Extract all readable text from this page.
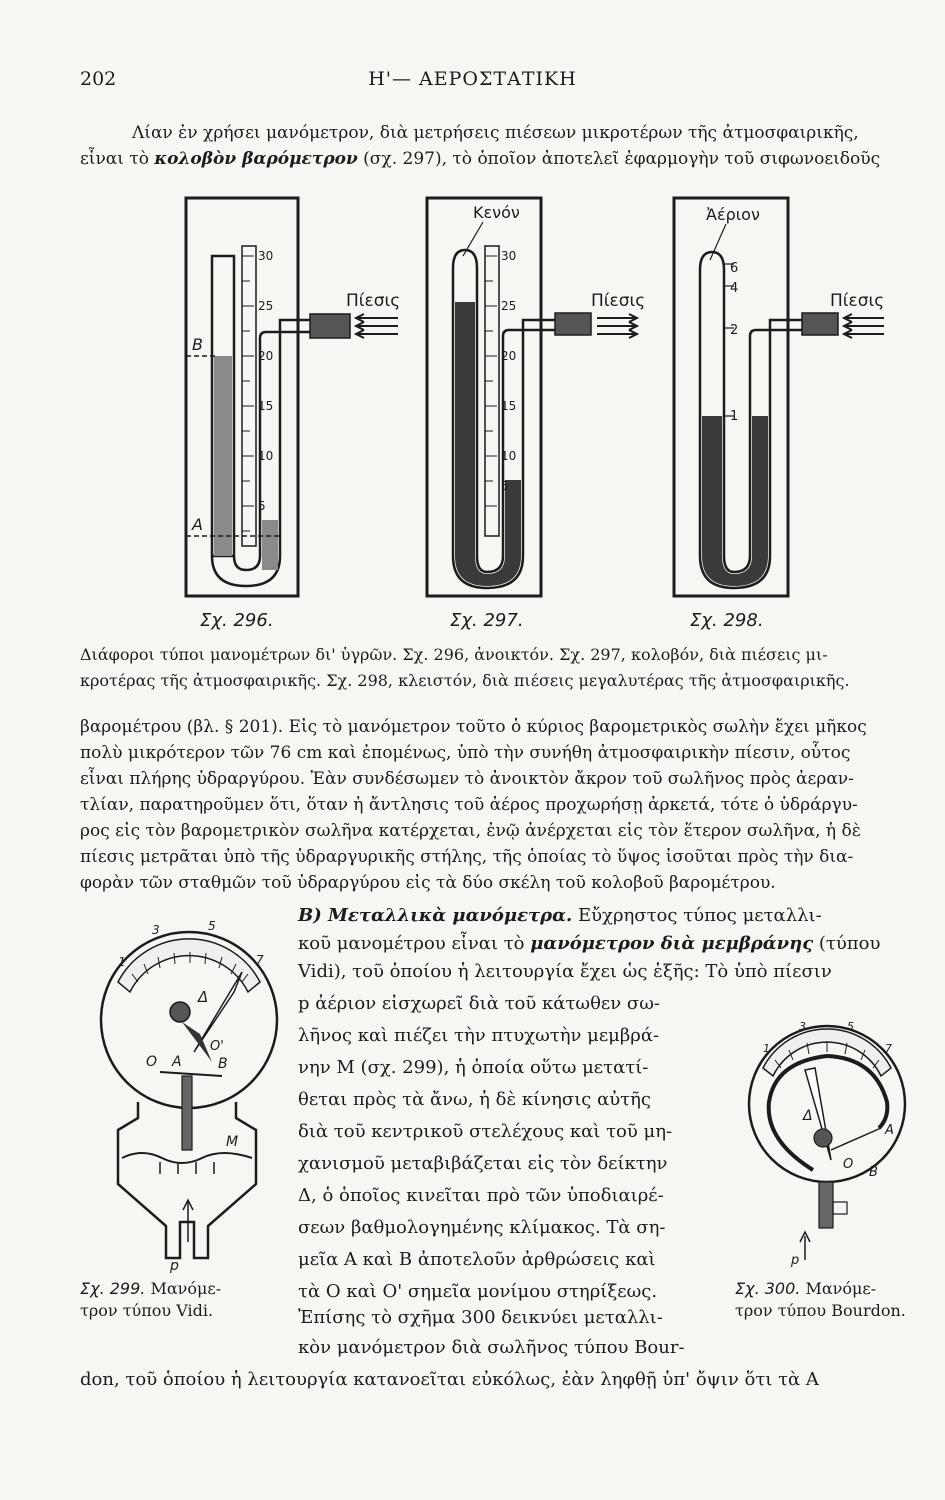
202	Η'— ΑΕΡΟΣΤΑΤΙΚΗ
Λίαν ἐν χρήσει μανόμετρον, διὰ μετρήσεις πιέσεων μικροτέρων τῆς ἀτμοσφαιρικῆς,
εἶναι τὸ κολοβὸν βαρόμετρον (σχ. 297), τὸ ὁποῖον ἀποτελεῖ ἐφαρμογὴν τοῦ σιφωνοειδοῦς
B
A
30
25
20
15
10
5
Πίεσις
Κενόν
30
25
20
15
10
5
Πίεσις
6
4
2
1
Ἀέριον
Πίεσις
Σχ. 296.	Σχ. 297.	Σχ. 298.
Διάφοροι τύποι μανομέτρων δι' ὑγρῶν. Σχ. 296, ἀνοικτόν. Σχ. 297, κολοβόν, διὰ πιέσεις μι-
κροτέρας τῆς ἀτμοσφαιρικῆς. Σχ. 298, κλειστόν, διὰ πιέσεις μεγαλυτέρας τῆς ἀτμοσφαιρικῆς.
βαρομέτρου (βλ. § 201). Εἰς τὸ μανόμετρον τοῦτο ὁ κύριος βαρομετρικὸς σωλὴν ἔχει μῆκος
πολὺ μικρότερον τῶν 76 cm καὶ ἐπομένως, ὑπὸ τὴν συνήθη ἀτμοσφαιρικὴν πίεσιν, οὗτος
εἶναι πλήρης ὑδραργύρου. Ἐὰν συνδέσωμεν τὸ ἀνοικτὸν ἄκρον τοῦ σωλῆνος πρὸς ἀεραν-
τλίαν, παρατηροῦμεν ὅτι, ὅταν ἡ ἄντλησις τοῦ ἀέρος προχωρήσῃ ἀρκετά, τότε ὁ ὑδράργυ-
ρος εἰς τὸν βαρομετρικὸν σωλῆνα κατέρχεται, ἐνῷ ἀνέρχεται εἰς τὸν ἕτερον σωλῆνα, ἡ δὲ
πίεσις μετρᾶται ὑπὸ τῆς ὑδραργυρικῆς στήλης, τῆς ὁποίας τὸ ὕψος ἰσοῦται πρὸς τὴν δια-
φορὰν τῶν σταθμῶν τοῦ ὑδραργύρου εἰς τὰ δύο σκέλη τοῦ κολοβοῦ βαρομέτρου.
1
3	5
7
Δ
O'
O A	B
M
p
Σχ. 299. Μανόμε-
τρον τύπου Vidi.
Β) Μεταλλικὰ μανόμετρα. Εὔχρηστος τύπος μεταλλι-
κοῦ μανομέτρου εἶναι τὸ μανόμετρον διὰ μεμβράνης (τύπου
Vidi), τοῦ ὁποίου ἡ λειτουργία ἔχει ὡς ἑξῆς: Τὸ ὑπὸ πίεσιν
p ἀέριον εἰσχωρεῖ διὰ τοῦ κάτωθεν σω-
λῆνος καὶ πιέζει τὴν πτυχωτὴν μεμβρά-
νην Μ (σχ. 299), ἡ ὁποία οὕτω μετατί-
θεται πρὸς τὰ ἄνω, ἡ δὲ κίνησις αὐτῆς
διὰ τοῦ κεντρικοῦ στελέχους καὶ τοῦ μη-
χανισμοῦ μεταβιβάζεται εἰς τὸν δείκτην
Δ, ὁ ὁποῖος κινεῖται πρὸ τῶν ὑποδιαιρέ-
σεων βαθμολογημένης κλίμακος. Τὰ ση-
μεῖα Α καὶ Β ἀποτελοῦν ἀρθρώσεις καὶ
τὰ Ο καὶ Ο' σημεῖα μονίμου στηρίξεως.
Ἐπίσης τὸ σχῆμα 300 δεικνύει μεταλλι-
κὸν μανόμετρον διὰ σωλῆνος τύπου Bour-
don, τοῦ ὁποίου ἡ λειτουργία κατανοεῖται εὐκόλως, ἐὰν ληφθῇ ὑπ' ὄψιν ὅτι τὰ Α
1
3	5
7
Δ
A
B
O
p
Σχ. 300. Μανόμε-
τρον τύπου Bourdon.
